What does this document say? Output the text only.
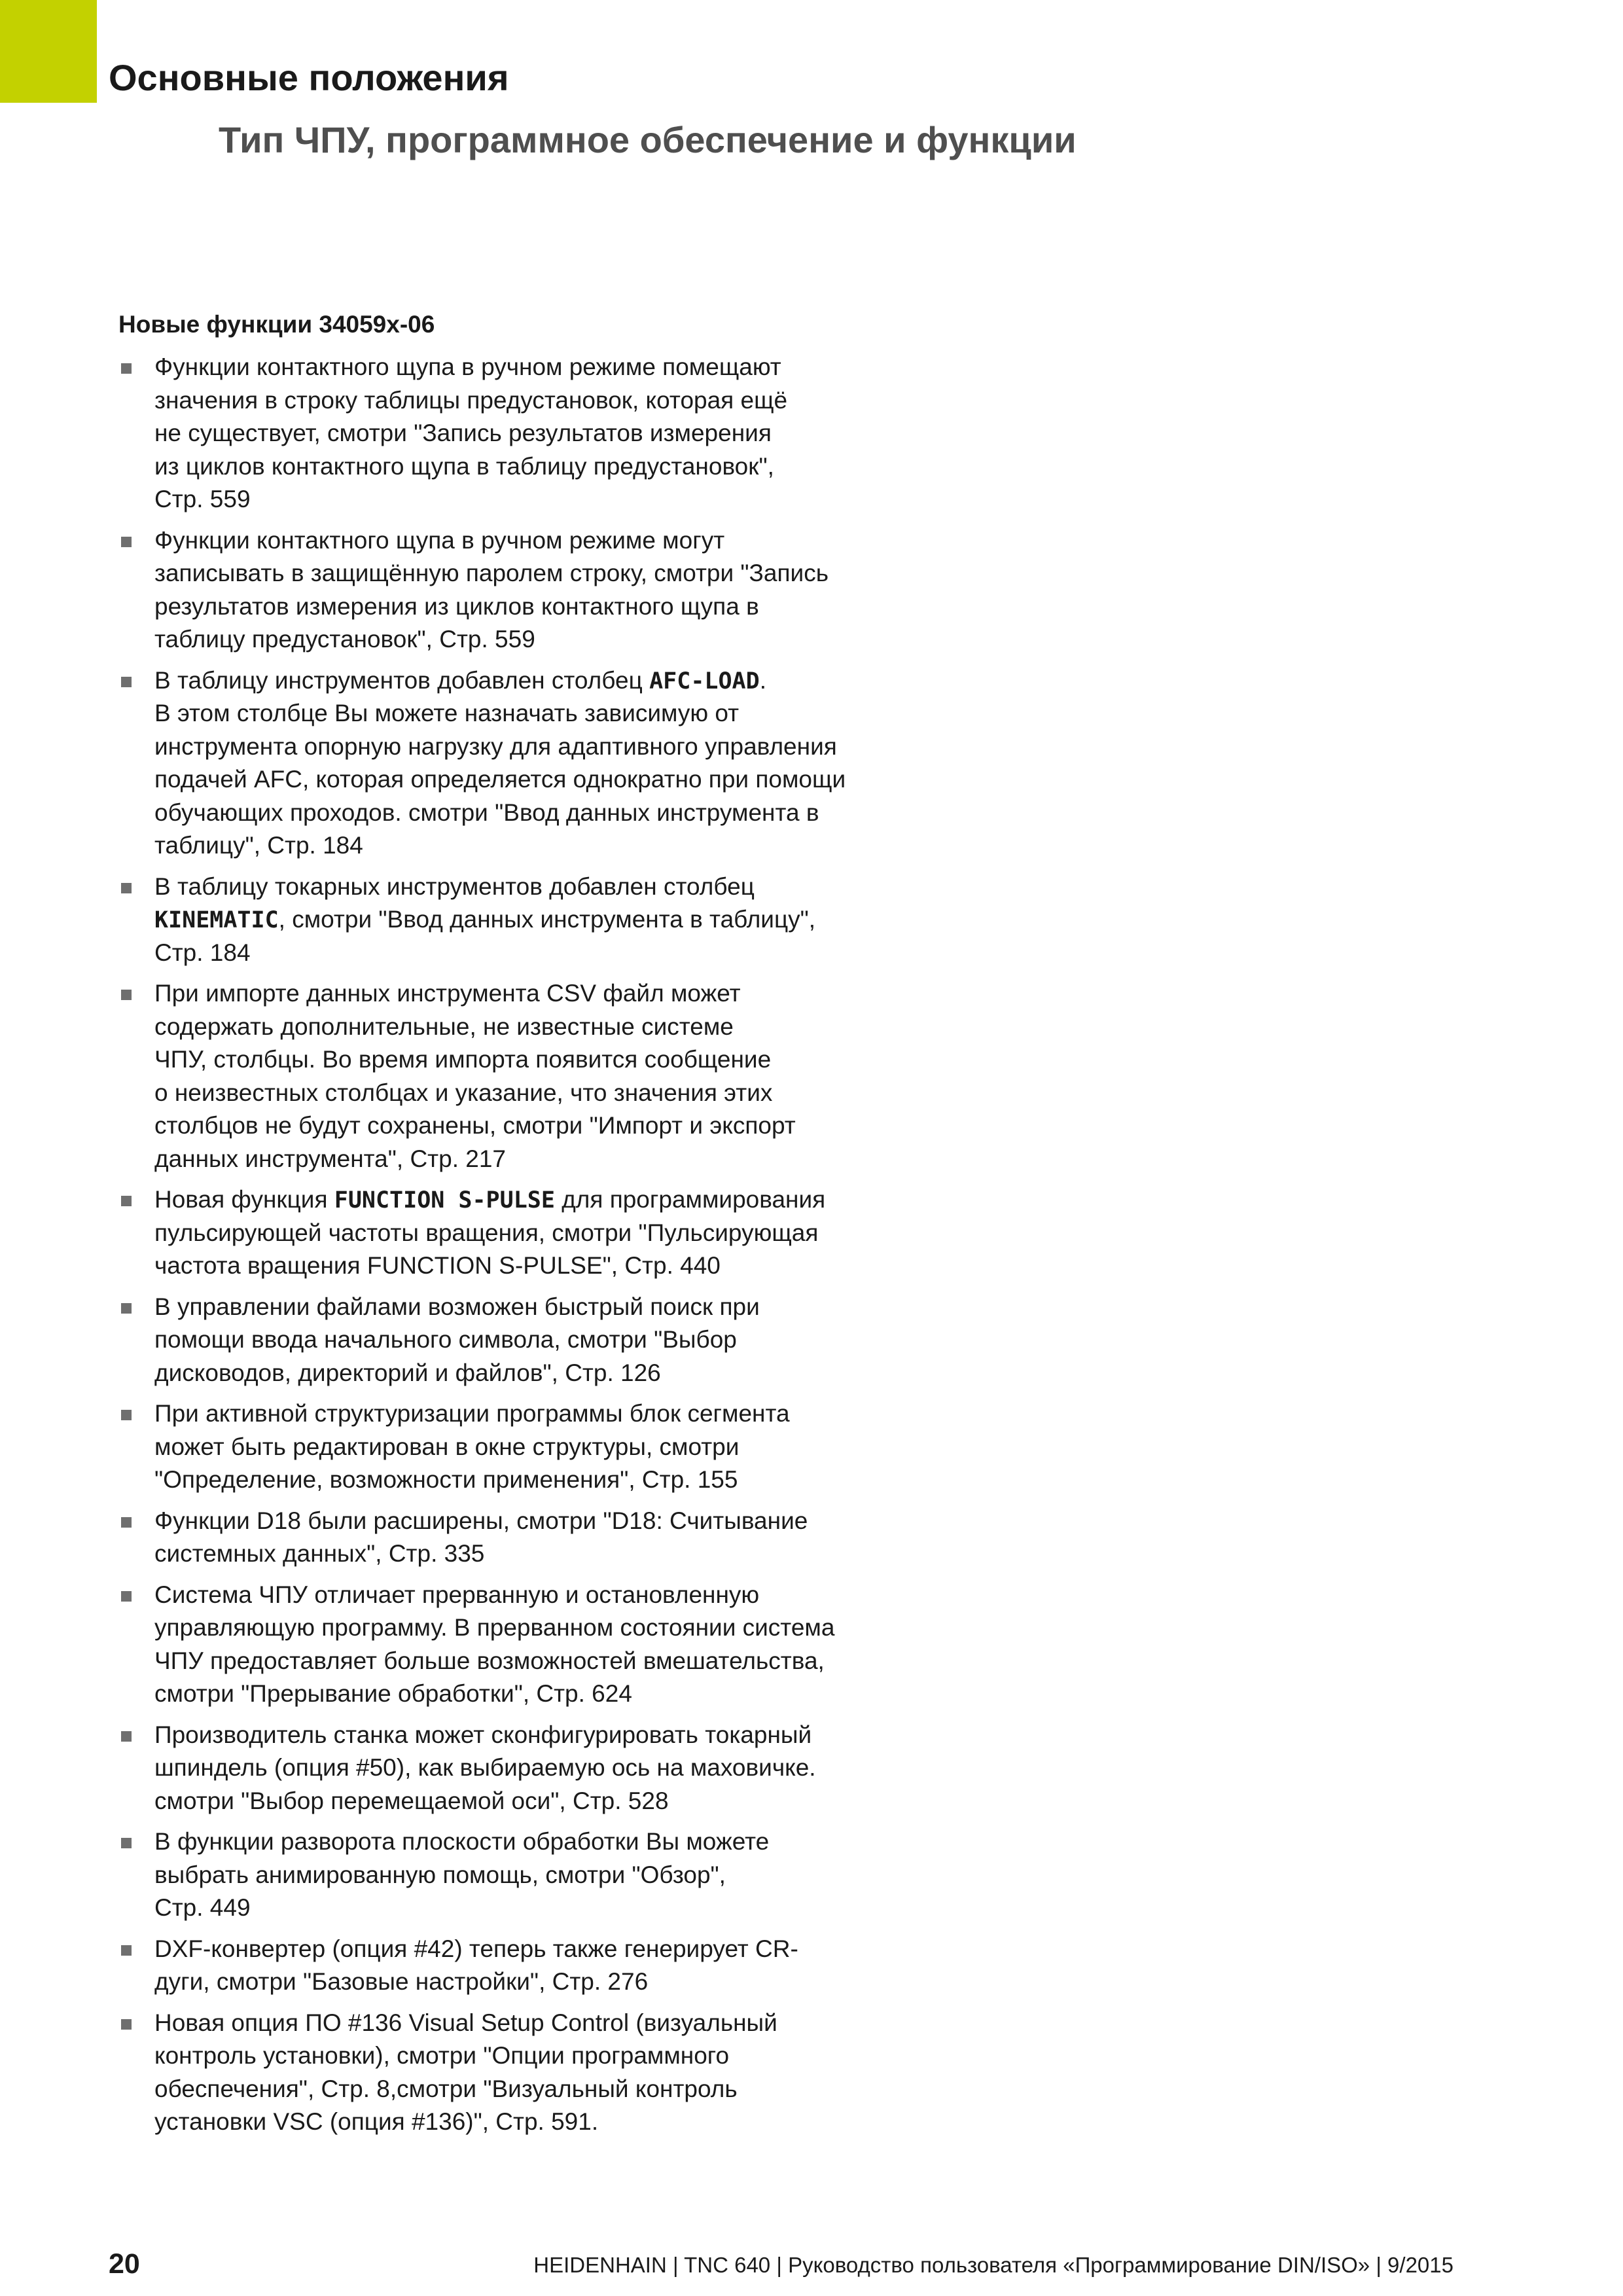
Основные положения
Тип ЧПУ, программное обеспечение и функции
Новые функции 34059x-06
Функции контактного щупа в ручном режиме помещают
значения в строку таблицы предустановок, которая ещё
не существует, смотри "Запись результатов измерения
из циклов контактного щупа в таблицу предустановок",
Стр. 559
Функции контактного щупа в ручном режиме могут
записывать в защищённую паролем строку, смотри "Запись
результатов измерения из циклов контактного щупа в
таблицу предустановок", Стр. 559
В таблицу инструментов добавлен столбец AFC-LOAD.
В этом столбце Вы можете назначать зависимую от
инструмента опорную нагрузку для адаптивного управления
подачей AFC, которая определяется однократно при помощи
обучающих проходов. смотри "Ввод данных инструмента в
таблицу", Стр. 184
В таблицу токарных инструментов добавлен столбец
KINEMATIC, смотри "Ввод данных инструмента в таблицу",
Стр. 184
При импорте данных инструмента CSV файл может
содержать дополнительные, не известные системе
ЧПУ, столбцы. Во время импорта появится сообщение
о неизвестных столбцах и указание, что значения этих
столбцов не будут сохранены, смотри "Импорт и экспорт
данных инструмента", Стр. 217
Новая функция FUNCTION S-PULSE для программирования
пульсирующей частоты вращения, смотри "Пульсирующая
частота вращения FUNCTION S-PULSE", Стр. 440
В управлении файлами возможен быстрый поиск при
помощи ввода начального символа, смотри "Выбор
дисководов, директорий и файлов", Стр. 126
При активной структуризации программы блок сегмента
может быть редактирован в окне структуры, смотри
"Определение, возможности применения", Стр. 155
Функции D18 были расширены, смотри "D18: Считывание
системных данных", Стр. 335
Система ЧПУ отличает прерванную и остановленную
управляющую программу. В прерванном состоянии система
ЧПУ предоставляет больше возможностей вмешательства,
смотри "Прерывание обработки", Стр. 624
Производитель станка может сконфигурировать токарный
шпиндель (опция #50), как выбираемую ось на маховичке.
смотри "Выбор перемещаемой оси", Стр. 528
В функции разворота плоскости обработки Вы можете
выбрать анимированную помощь, смотри "Обзор",
Стр. 449
DXF-конвертер (опция #42) теперь также генерирует CR-
дуги, смотри "Базовые настройки", Стр. 276
Новая опция ПО #136 Visual Setup Control (визуальный
контроль установки), смотри "Опции программного
обеспечения", Стр. 8,смотри "Визуальный контроль
установки VSC (опция #136)", Стр. 591.
20	HEIDENHAIN | TNC 640 | Руководство пользователя «Программирование DIN/ISO» | 9/2015
